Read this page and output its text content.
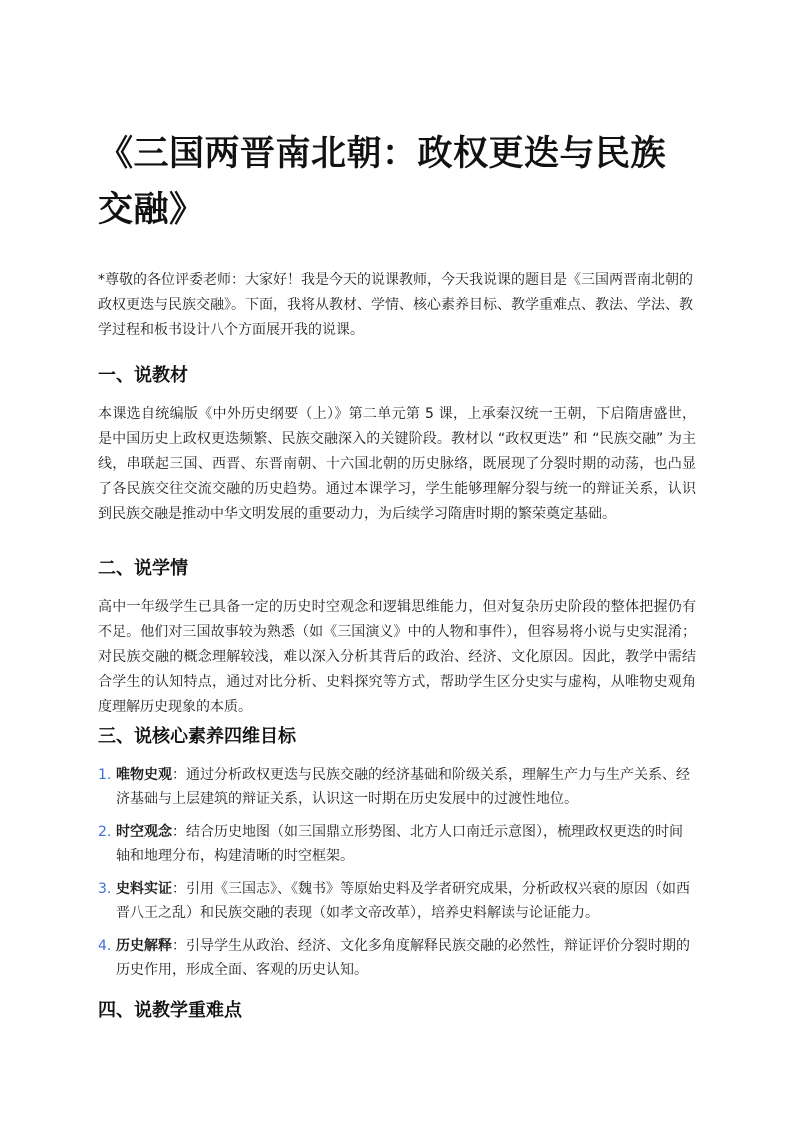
《三国两晋南北朝：政权更迭与民族交融》

*尊敬的各位评委老师：大家好！我是今天的说课教师，今天我说课的题目是《三国两晋南北朝的政权更迭与民族交融》。下面，我将从教材、学情、核心素养目标、教学重难点、教法、学法、教学过程和板书设计八个方面展开我的说课。

一、说教材

本课选自统编版《中外历史纲要（上）》第二单元第 5 课，上承秦汉统一王朝，下启隋唐盛世，是中国历史上政权更迭频繁、民族交融深入的关键阶段。教材以 “政权更迭” 和 “民族交融” 为主线，串联起三国、西晋、东晋南朝、十六国北朝的历史脉络，既展现了分裂时期的动荡，也凸显了各民族交往交流交融的历史趋势。通过本课学习，学生能够理解分裂与统一的辩证关系，认识到民族交融是推动中华文明发展的重要动力，为后续学习隋唐时期的繁荣奠定基础。

二、说学情

高中一年级学生已具备一定的历史时空观念和逻辑思维能力，但对复杂历史阶段的整体把握仍有不足。他们对三国故事较为熟悉（如《三国演义》中的人物和事件），但容易将小说与史实混淆；对民族交融的概念理解较浅，难以深入分析其背后的政治、经济、文化原因。因此，教学中需结合学生的认知特点，通过对比分析、史料探究等方式，帮助学生区分史实与虚构，从唯物史观角度理解历史现象的本质。

三、说核心素养四维目标
1. 唯物史观：通过分析政权更迭与民族交融的经济基础和阶级关系，理解生产力与生产关系、经济基础与上层建筑的辩证关系，认识这一时期在历史发展中的过渡性地位。
2. 时空观念：结合历史地图（如三国鼎立形势图、北方人口南迁示意图），梳理政权更迭的时间轴和地理分布，构建清晰的时空框架。
3. 史料实证：引用《三国志》、《魏书》等原始史料及学者研究成果，分析政权兴衰的原因（如西晋八王之乱）和民族交融的表现（如孝文帝改革），培养史料解读与论证能力。
4. 历史解释：引导学生从政治、经济、文化多角度解释民族交融的必然性，辩证评价分裂时期的历史作用，形成全面、客观的历史认知。
四、说教学重难点
